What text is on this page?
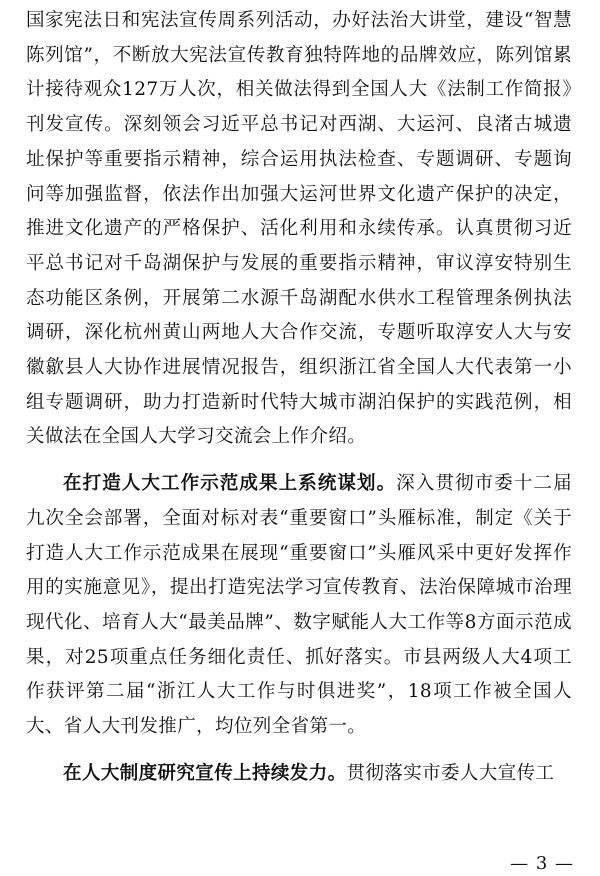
国家宪法日和宪法宣传周系列活动，办好法治大讲堂，建设“智慧陈列馆”，不断放大宪法宣传教育独特阵地的品牌效应，陈列馆累计接待观众127万人次，相关做法得到全国人大《法制工作简报》刊发宣传。深刻领会习近平总书记对西湖、大运河、良渚古城遗址保护等重要指示精神，综合运用执法检查、专题调研、专题询问等加强监督，依法作出加强大运河世界文化遗产保护的决定，推进文化遗产的严格保护、活化利用和永续传承。认真贯彻习近平总书记对千岛湖保护与发展的重要指示精神，审议淳安特别生态功能区条例，开展第二水源千岛湖配水供水工程管理条例执法调研，深化杭州黄山两地人大合作交流，专题听取淳安人大与安徽歙县人大协作进展情况报告，组织浙江省全国人大代表第一小组专题调研，助力打造新时代特大城市湖泊保护的实践范例，相关做法在全国人大学习交流会上作介绍。

在打造人大工作示范成果上系统谋划。深入贯彻市委十二届九次全会部署，全面对标对表“重要窗口”头雁标准，制定《关于打造人大工作示范成果在展现“重要窗口”头雁风采中更好发挥作用的实施意见》，提出打造宪法学习宣传教育、法治保障城市治理现代化、培育人大“最美品牌”、数字赋能人大工作等8方面示范成果，对25项重点任务细化责任、抓好落实。市县两级人大4项工作获评第二届“浙江人大工作与时俱进奖”，18项工作被全国人大、省人大刊发推广，均位列全省第一。

在人大制度研究宣传上持续发力。贯彻落实市委人大宣传工

— 3 —
